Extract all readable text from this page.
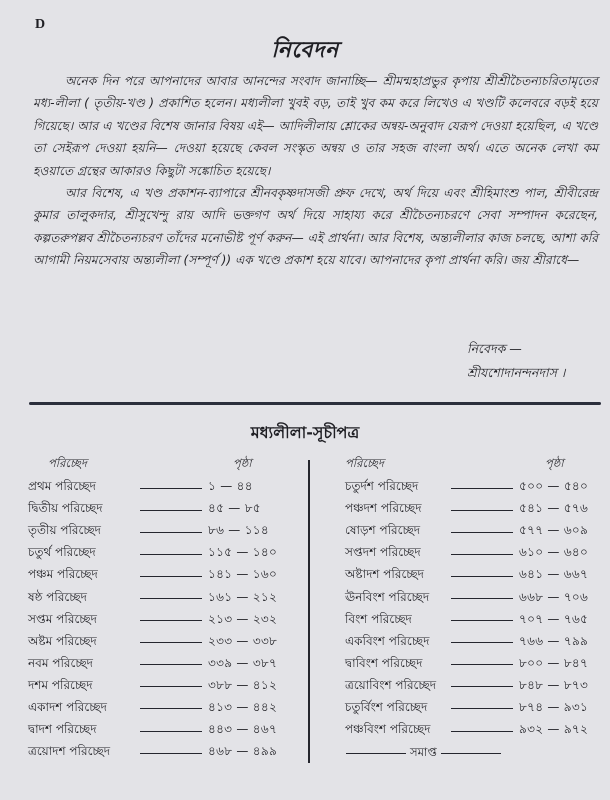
D
নিবেদন

অনেক দিন পরে আপনাদের আবার আনন্দের সংবাদ জানাচ্ছি— শ্রীমন্মহাপ্রভুর কৃপায় শ্রীশ্রীচৈতন্যচরিতামৃতের মধ্য-লীলা ( তৃতীয়-খণ্ড ) প্রকাশিত হলেন। মধ্যলীলা খুবই বড়, তাই খুব কম করে লিখেও এ খণ্ডটি কলেবরে বড়ই হয়ে গিয়েছে। আর এ খণ্ডের বিশেষ জানার বিষয় এই— আদিলীলায় শ্লোকের অন্বয়-অনুবাদ যেরূপ দেওয়া হয়েছিল, এ খণ্ডে তা সেইরূপ দেওয়া হয়নি— দেওয়া হয়েছে কেবল সংস্কৃত অন্বয় ও তার সহজ বাংলা অর্থ। এতে অনেক লেখা কম হওয়াতে গ্রন্থের আকারও কিছুটা সঙ্কোচিত হয়েছে।

আর বিশেষ, এ খণ্ড প্রকাশন-ব্যাপারে শ্রীনবকৃষ্ণদাসজী প্রুফ দেখে, অর্থ দিয়ে এবং শ্রীহিমাংশু পাল, শ্রীবীরেন্দ্র কুমার তালুকদার, শ্রীসুখেন্দু রায় আদি ভক্তগণ অর্থ দিয়ে সাহায্য করে শ্রীচৈতন্যচরণে সেবা সম্পাদন করেছেন, কল্পতরুপল্লব শ্রীচৈতন্যচরণ তাঁদের মনোভীষ্ট পূর্ণ করুন— এই প্রার্থনা। আর বিশেষ, অন্ত্যলীলার কাজ চলছে, আশা করি আগামী নিয়মসেবায় অন্ত্যলীলা (সম্পূর্ণ )) এক খণ্ডে প্রকাশ হয়ে যাবে। আপনাদের কৃপা প্রার্থনা করি। জয় শ্রীরাধে—

নিবেদক —
শ্রীযশোদানন্দনদাস ।
মধ্যলীলা-সূচীপত্র
পরিচ্ছেদ	পৃষ্ঠা
প্রথম পরিচ্ছেদ	১ — ৪৪
দ্বিতীয় পরিচ্ছেদ	৪৫ — ৮৫
তৃতীয় পরিচ্ছেদ	৮৬ — ১১৪
চতুর্থ পরিচ্ছেদ	১১৫ — ১৪০
পঞ্চম পরিচ্ছেদ	১৪১ — ১৬০
ষষ্ঠ পরিচ্ছেদ	১৬১ — ২১২
সপ্তম পরিচ্ছেদ	২১৩ — ২৩২
অষ্টম পরিচ্ছেদ	২৩৩ — ৩৩৮
নবম পরিচ্ছেদ	৩৩৯ — ৩৮৭
দশম পরিচ্ছেদ	৩৮৮ — ৪১২
একাদশ পরিচ্ছেদ	৪১৩ — ৪৪২
দ্বাদশ পরিচ্ছেদ	৪৪৩ — ৪৬৭
ত্রয়োদশ পরিচ্ছেদ	৪৬৮ — ৪৯৯
পরিচ্ছেদ	পৃষ্ঠা
চতুর্দশ পরিচ্ছেদ	৫০০ — ৫৪০
পঞ্চদশ পরিচ্ছেদ	৫৪১ — ৫৭৬
ষোড়শ পরিচ্ছেদ	৫৭৭ — ৬০৯
সপ্তদশ পরিচ্ছেদ	৬১০ — ৬৪০
অষ্টাদশ পরিচ্ছেদ	৬৪১ — ৬৬৭
ঊনবিংশ পরিচ্ছেদ	৬৬৮ — ৭০৬
বিংশ পরিচ্ছেদ	৭০৭ — ৭৬৫
একবিংশ পরিচ্ছেদ	৭৬৬ — ৭৯৯
দ্বাবিংশ পরিচ্ছেদ	৮০০ — ৮৪৭
ত্রয়োবিংশ পরিচ্ছেদ	৮৪৮ — ৮৭৩
চতুর্বিংশ পরিচ্ছেদ	৮৭৪ — ৯৩১
পঞ্চবিংশ পরিচ্ছেদ	৯৩২ — ৯৭২
সমাপ্ত
